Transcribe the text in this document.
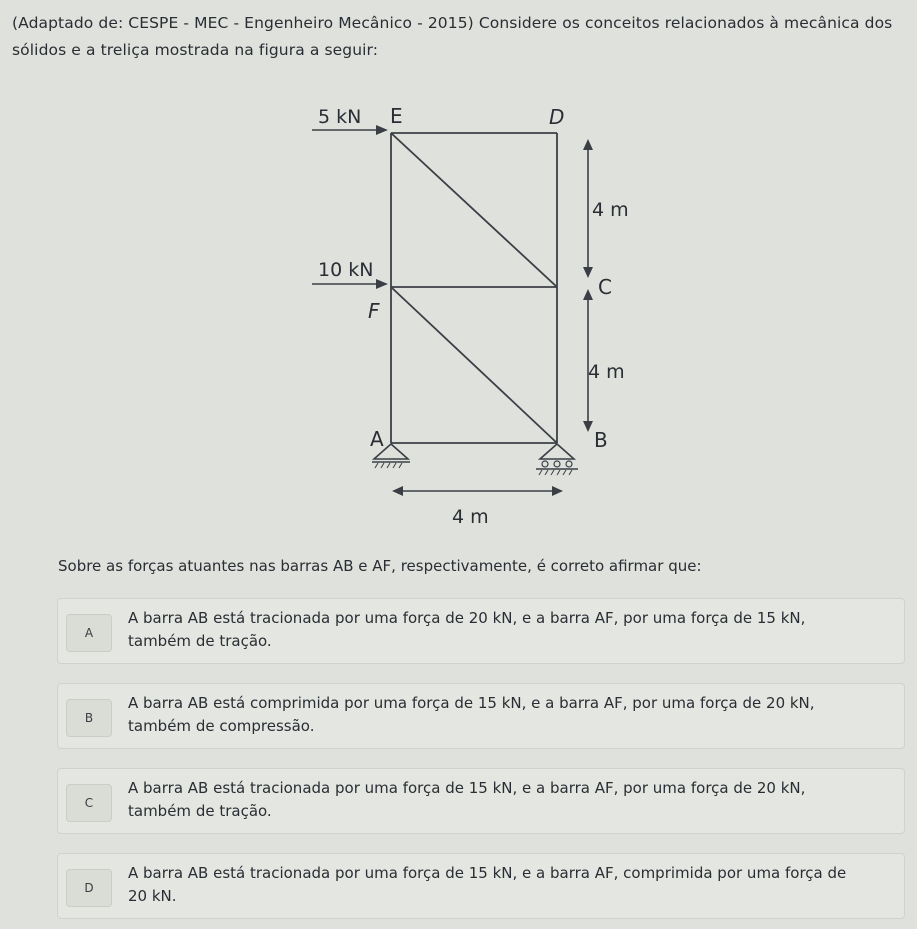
(Adaptado de: CESPE - MEC - Engenheiro Mecânico - 2015) Considere os conceitos relacionados à mecânica dos sólidos e a treliça mostrada na figura a seguir:
5 kN
10 kN
E	D
C
F
A	B
4 m
4 m
4 m
Sobre as forças atuantes nas barras AB e AF, respectivamente, é correto afirmar que:
A
A barra AB está tracionada por uma força de 20 kN, e a barra AF, por uma força de 15 kN, também de tração.
B
A barra AB está comprimida por uma força de 15 kN, e a barra AF, por uma força de 20 kN, também de compressão.
C
A barra AB está tracionada por uma força de 15 kN, e a barra AF, por uma força de 20 kN, também de tração.
D
A barra AB está tracionada por uma força de 15 kN, e a barra AF, comprimida por uma força de 20 kN.
